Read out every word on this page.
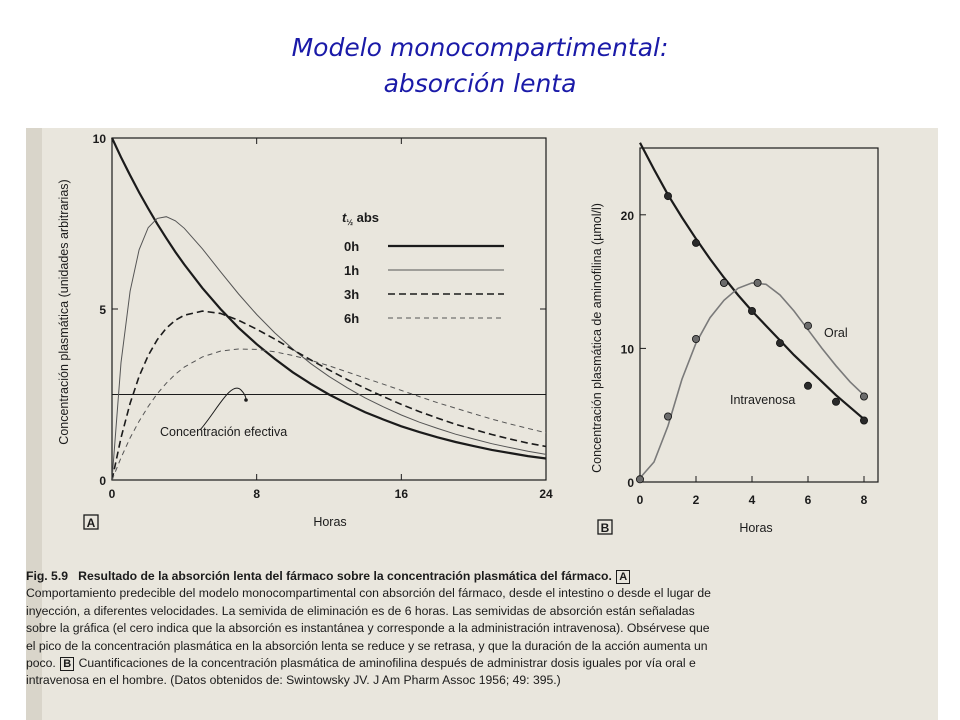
Modelo monocompartimental:
absorción lenta
Concentración plasmática (unidades arbitrarias)
Horas
A
0	8	16	24
0
5
10
Concentración efectiva
$t_{\frac{1}{2}}$ abs
0h
1h
3h
6h	Concentración plasmática de aminofilina (µmol/l)
Horas
B
0	2	4	6	8
0
10
20
Intravenosa
Oral
Fig. 5.9 Resultado de la absorción lenta del fármaco sobre la concentración plasmática del fármaco. A Comportamiento predecible del modelo monocompartimental con absorción del fármaco, desde el intestino o desde el lugar de inyección, a diferentes velocidades. La semivida de eliminación es de 6 horas. Las semividas de absorción están señaladas sobre la gráfica (el cero indica que la absorción es instantánea y corresponde a la administración intravenosa). Obsérvese que el pico de la concentración plasmática en la absorción lenta se reduce y se retrasa, y que la duración de la acción aumenta un poco. B Cuantificaciones de la concentración plasmática de aminofilina después de administrar dosis iguales por vía oral e intravenosa en el hombre. (Datos obtenidos de: Swintowsky JV. J Am Pharm Assoc 1956; 49: 395.)
